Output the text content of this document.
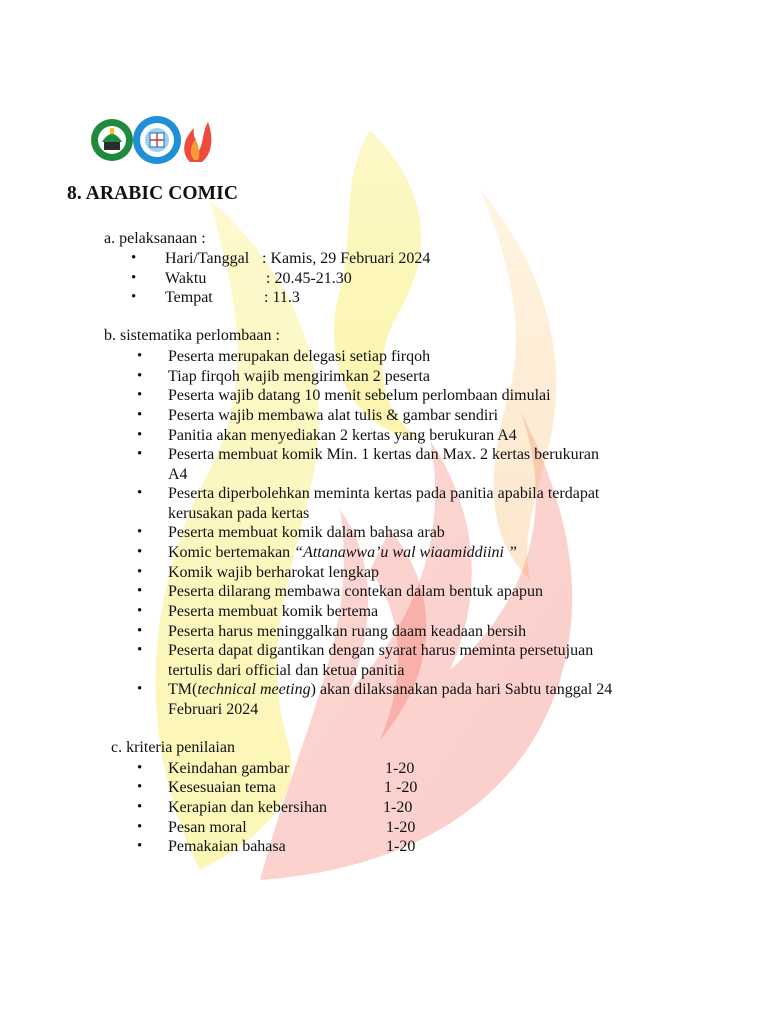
8. ARABIC COMIC
a. pelaksanaan :
• Hari/Tanggal : Kamis, 29 Februari 2024
• Waktu	: 20.45-21.30
• Tempat	: 11.3
b. sistematika perlombaan :
• Peserta merupakan delegasi setiap firqoh
• Tiap firqoh wajib mengirimkan 2 peserta
• Peserta wajib datang 10 menit sebelum perlombaan dimulai
• Peserta wajib membawa alat tulis & gambar sendiri
• Panitia akan menyediakan 2 kertas yang berukuran A4
• Peserta membuat komik Min. 1 kertas dan Max. 2 kertas berukuran
A4
• Peserta diperbolehkan meminta kertas pada panitia apabila terdapat
kerusakan pada kertas
• Peserta membuat komik dalam bahasa arab
• Komic bertemakan “Attanawwa’u wal wiaamiddiini ”
• Komik wajib berharokat lengkap
• Peserta dilarang membawa contekan dalam bentuk apapun
• Peserta membuat komik bertema
• Peserta harus meninggalkan ruang daam keadaan bersih
• Peserta dapat digantikan dengan syarat harus meminta persetujuan
tertulis dari official dan ketua panitia
• TM(technical meeting) akan dilaksanakan pada hari Sabtu tanggal 24
Februari 2024
c. kriteria penilaian
• Keindahan gambar	1-20
• Kesesuaian tema	1 -20
• Kerapian dan kebersihan	1-20
• Pesan moral	1-20
• Pemakaian bahasa	1-20
